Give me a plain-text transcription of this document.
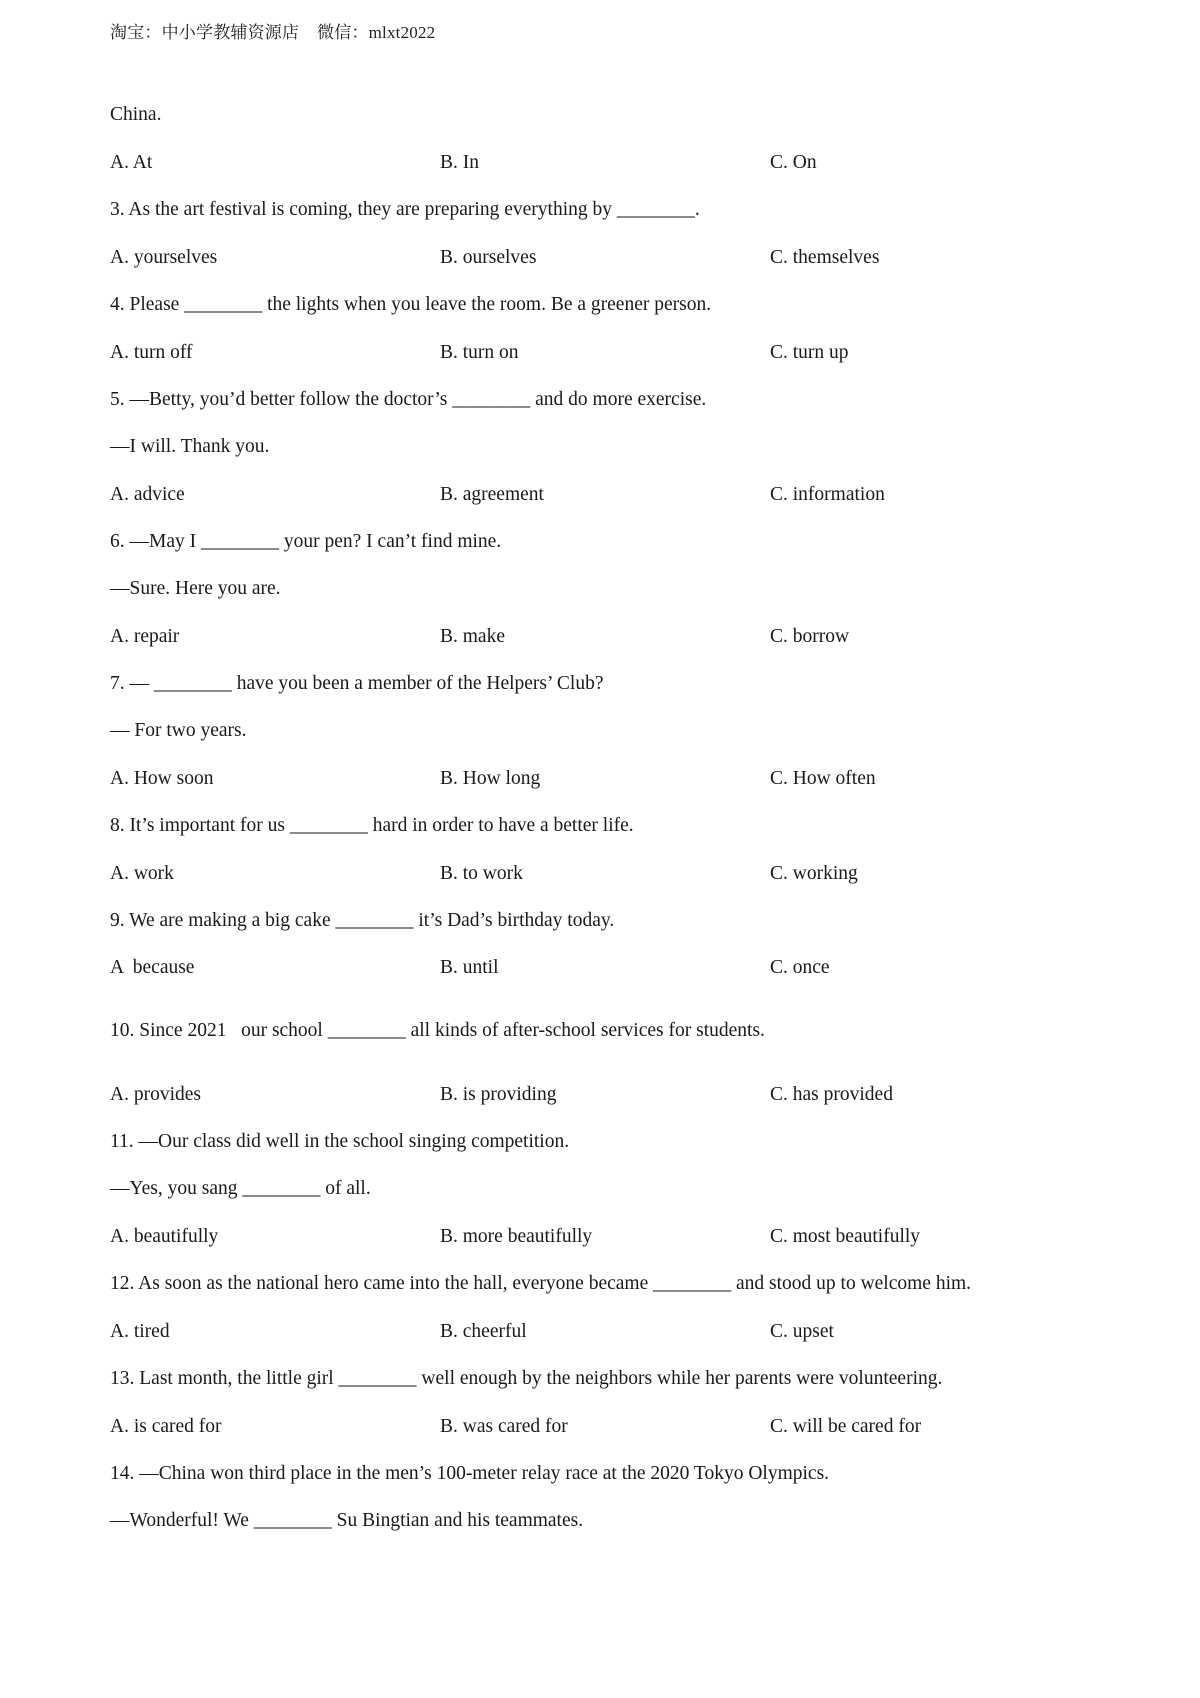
淘宝：中小学教辅资源店    微信：mlxt2022
China.
A. At	B. In	C. On
3. As the art festival is coming, they are preparing everything by ________.
A. yourselves	B. ourselves	C. themselves
4. Please ________ the lights when you leave the room. Be a greener person.
A. turn off	B. turn on	C. turn up
5. —Betty, you’d better follow the doctor’s ________ and do more exercise.
—I will. Thank you.
A. advice	B. agreement	C. information
6. —May I ________ your pen? I can’t find mine.
—Sure. Here you are.
A. repair	B. make	C. borrow
7. — ________ have you been a member of the Helpers’ Club?
— For two years.
A. How soon	B. How long	C. How often
8. It’s important for us ________ hard in order to have a better life.
A. work	B. to work	C. working
9. We are making a big cake ________ it’s Dad’s birthday today.
A  because	B. until	C. once
10. Since 2021   our school ________ all kinds of after-school services for students.
A. provides	B. is providing	C. has provided
11. —Our class did well in the school singing competition.
—Yes, you sang ________ of all.
A. beautifully	B. more beautifully	C. most beautifully
12. As soon as the national hero came into the hall, everyone became ________ and stood up to welcome him.
A. tired	B. cheerful	C. upset
13. Last month, the little girl ________ well enough by the neighbors while her parents were volunteering.
A. is cared for	B. was cared for	C. will be cared for
14. —China won third place in the men’s 100-meter relay race at the 2020 Tokyo Olympics.
—Wonderful! We ________ Su Bingtian and his teammates.
